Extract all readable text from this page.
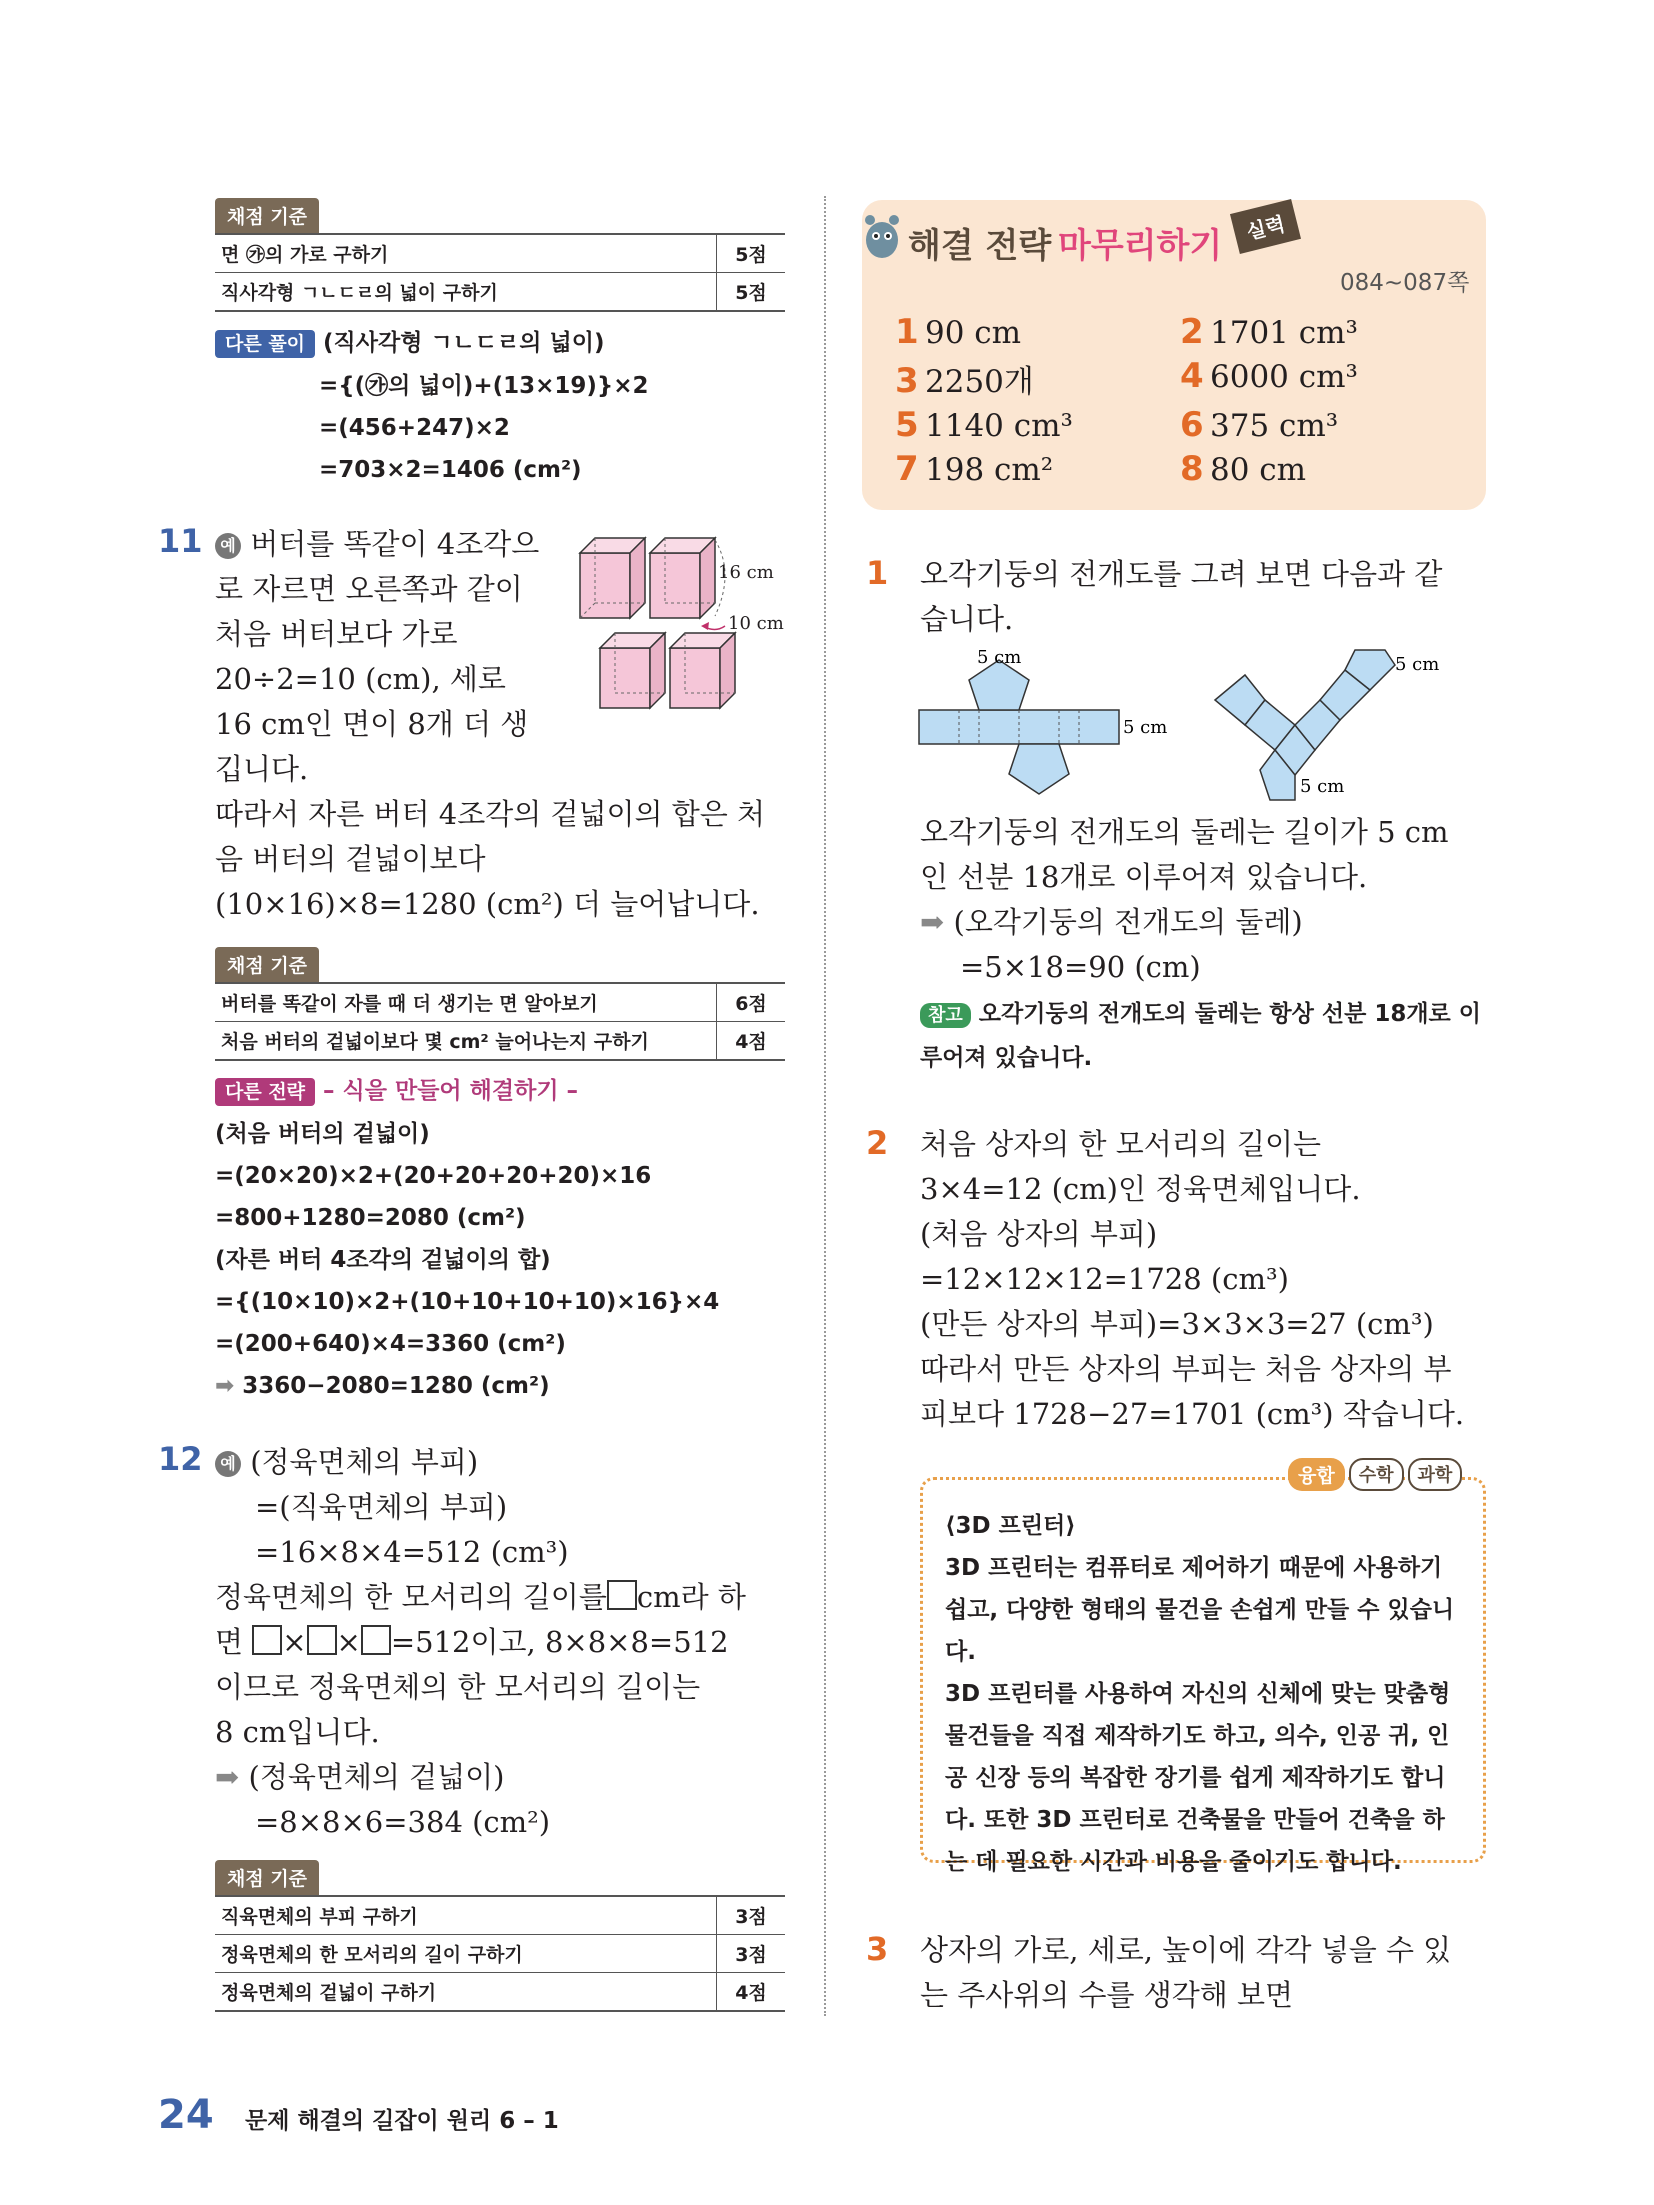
채점 기준
면 ㉮의 가로 구하기	5점
직사각형 ㄱㄴㄷㄹ의 넓이 구하기	5점
다른 풀이 (직사각형 ㄱㄴㄷㄹ의 넓이)
={(㉮의 넓이)+(13×19)}×2
=(456+247)×2
=703×2=1406 (cm²)
11	예 버터를 똑같이 4조각으
로 자르면 오른쪽과 같이
처음 버터보다 가로
20÷2=10 (cm), 세로
16 cm인 면이 8개 더 생
깁니다.
따라서 자른 버터 4조각의 겉넓이의 합은 처
음 버터의 겉넓이보다
(10×16)×8=1280 (cm²) 더 늘어납니다.
16 cm
10 cm
채점 기준
버터를 똑같이 자를 때 더 생기는 면 알아보기	6점
처음 버터의 겉넓이보다 몇 cm² 늘어나는지 구하기	4점
다른 전략 – 식을 만들어 해결하기 –
(처음 버터의 겉넓이)
=(20×20)×2+(20+20+20+20)×16
=800+1280=2080 (cm²)
(자른 버터 4조각의 겉넓이의 합)
={(10×10)×2+(10+10+10+10)×16}×4
=(200+640)×4=3360 (cm²)
➡ 3360−2080=1280 (cm²)
12	예 (정육면체의 부피)
=(직육면체의 부피)
=16×8×4=512 (cm³)
정육면체의 한 모서리의 길이를 cm라 하
면 × × =512이고, 8×8×8=512
이므로 정육면체의 한 모서리의 길이는
8 cm입니다.
➡ (정육면체의 겉넓이)
=8×8×6=384 (cm²)
채점 기준
직육면체의 부피 구하기	3점
정육면체의 한 모서리의 길이 구하기	3점
정육면체의 겉넓이 구하기	4점
해결 전략 마무리하기	실력
084~087쪽
1 90 cm	2 1701 cm³
3 2250개	4 6000 cm³
5 1140 cm³	6 375 cm³
7 198 cm²	8 80 cm
1 오각기둥의 전개도를 그려 보면 다음과 같
습니다.
5 cm
5 cm
5 cm
5 cm
오각기둥의 전개도의 둘레는 길이가 5 cm
인 선분 18개로 이루어져 있습니다.
➡ (오각기둥의 전개도의 둘레)
=5×18=90 (cm)
참고 오각기둥의 전개도의 둘레는 항상 선분 18개로 이
루어져 있습니다.
2 처음 상자의 한 모서리의 길이는
3×4=12 (cm)인 정육면체입니다.
(처음 상자의 부피)
=12×12×12=1728 (cm³)
(만든 상자의 부피)=3×3×3=27 (cm³)
따라서 만든 상자의 부피는 처음 상자의 부
피보다 1728−27=1701 (cm³) 작습니다.
융합	수학	과학
⟨3D 프린터⟩
3D 프린터는 컴퓨터로 제어하기 때문에 사용하기
쉽고, 다양한 형태의 물건을 손쉽게 만들 수 있습니다.
3D 프린터를 사용하여 자신의 신체에 맞는 맞춤형
물건들을 직접 제작하기도 하고, 의수, 인공 귀, 인
공 신장 등의 복잡한 장기를 쉽게 제작하기도 합니
다. 또한 3D 프린터로 건축물을 만들어 건축을 하
는 데 필요한 시간과 비용을 줄이기도 합니다.
3 상자의 가로, 세로, 높이에 각각 넣을 수 있
는 주사위의 수를 생각해 보면
24 문제 해결의 길잡이 원리 6 – 1
